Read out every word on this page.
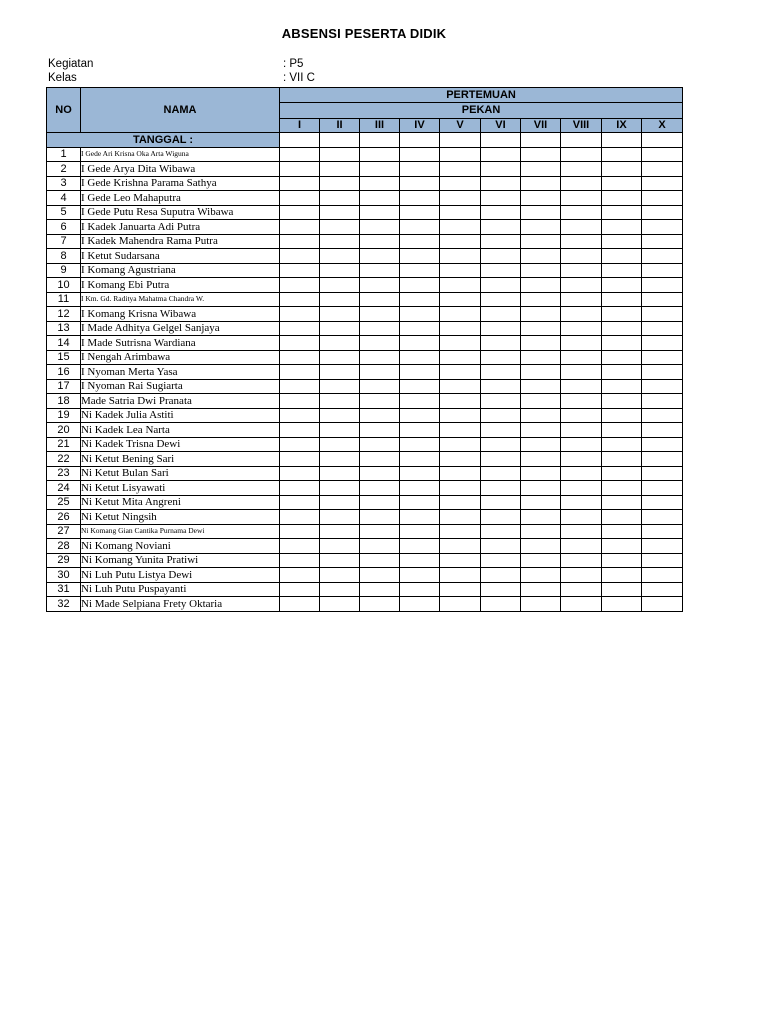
ABSENSI PESERTA DIDIK
Kegiatan	: P5
Kelas	: VII C
NO	NAMA	PERTEMUAN									
		PEKAN									
		I	II	III	IV	V	VI	VII	VIII	IX	X
TANGGAL :											
1	I Gede Ari Krisna Oka Arta Wiguna										
2	I Gede Arya Dita Wibawa										
3	I Gede Krishna Parama Sathya										
4	I Gede Leo Mahaputra										
5	I Gede Putu Resa Suputra Wibawa										
6	I Kadek Januarta Adi Putra										
7	I Kadek Mahendra Rama Putra										
8	I Ketut Sudarsana										
9	I Komang Agustriana										
10	I Komang Ebi Putra										
11	I Km. Gd. Raditya Mahatma Chandra W.										
12	I Komang Krisna Wibawa										
13	I Made Adhitya Gelgel Sanjaya										
14	I Made Sutrisna Wardiana										
15	I Nengah Arimbawa										
16	I Nyoman Merta Yasa										
17	I Nyoman Rai Sugiarta										
18	Made Satria Dwi Pranata										
19	Ni Kadek Julia Astiti										
20	Ni Kadek Lea Narta										
21	Ni Kadek Trisna Dewi										
22	Ni Ketut Bening Sari										
23	Ni Ketut Bulan Sari										
24	Ni Ketut Lisyawati										
25	Ni Ketut Mita Angreni										
26	Ni Ketut Ningsih										
27	Ni Komang Gian Cantika Purnama Dewi										
28	Ni Komang Noviani										
29	Ni Komang Yunita Pratiwi										
30	Ni Luh Putu Listya Dewi										
31	Ni Luh Putu Puspayanti										
32	Ni Made Selpiana Frety Oktaria										
